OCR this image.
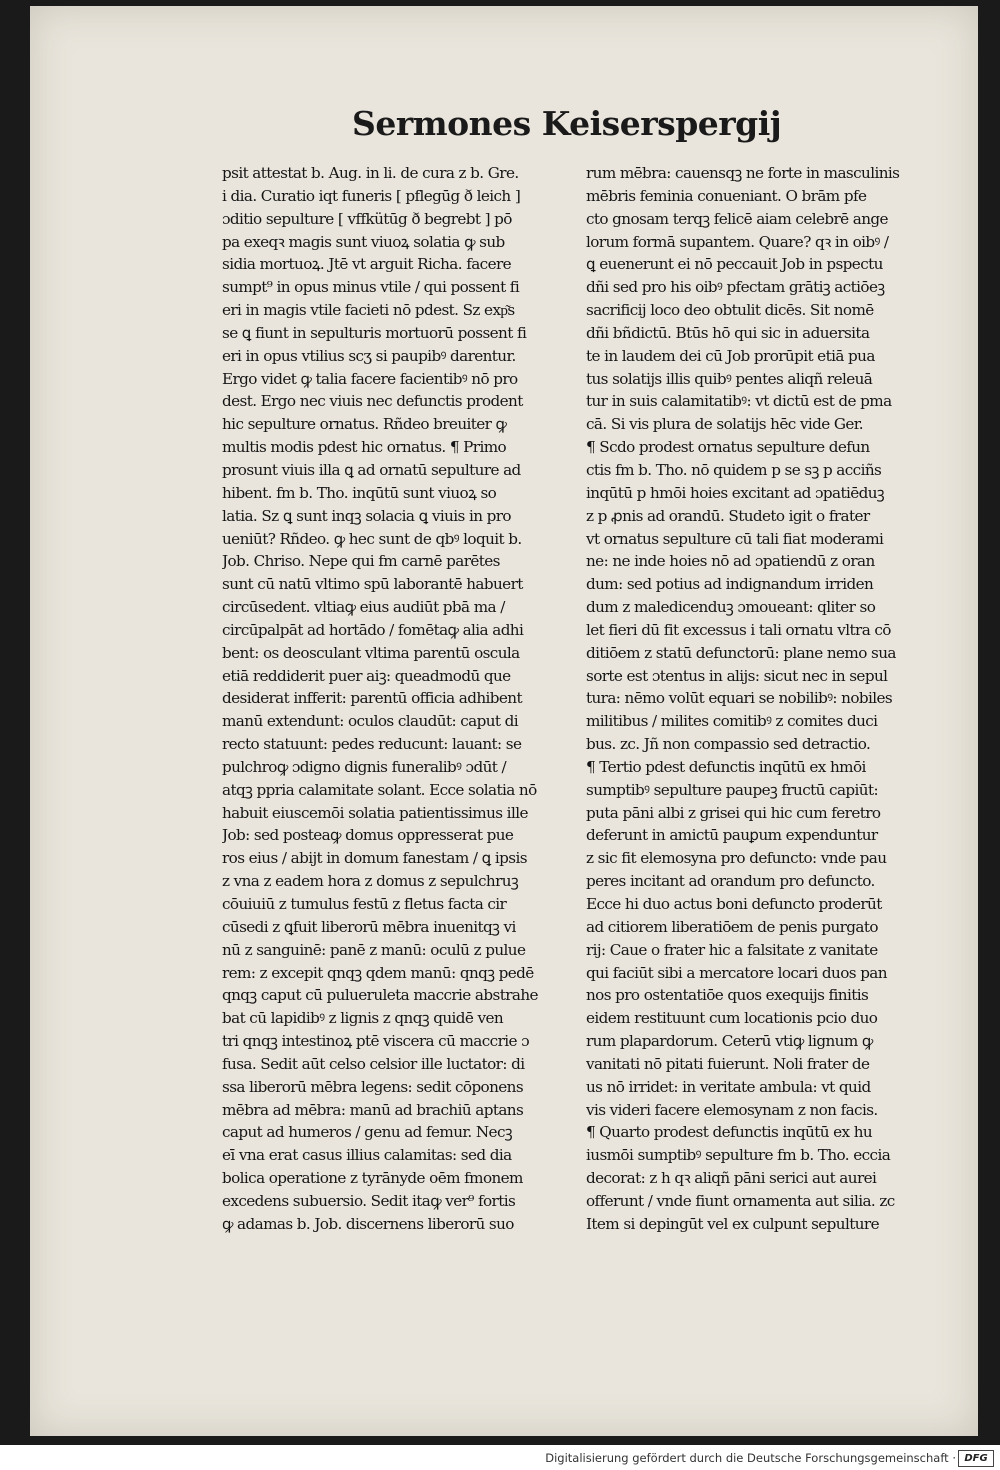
Sermones Keiserspergij
psit attestat b. Aug. in li. de cura z b. Gre.
i dia. Curatio iqt funeris [ pflegūg ð leich ]
ɔditio sepulture [ vffkütūg ð begrebt ] pō
pa exeqꝛ magis sunt viuoꝝ solatia ꝙ sub
sidia mortuoꝝ. Jtē vt arguit Richa. facere
sumpt⁹ in opus minus vtile / qui possent fi
eri in magis vtile facieti nō pdest. Sz exp͂s
se ꝗ fiunt in sepulturis mortuorū possent fi
eri in opus vtilius scʒ si paupibꝰ darentur.
Ergo videt ꝙ talia facere facientibꝰ nō pro
dest. Ergo nec viuis nec defunctis prodent
hic sepulture ornatus. Rñdeo breuiter ꝙ
multis modis pdest hic ornatus. ¶ Primo
prosunt viuis illa ꝗ ad ornatū sepulture ad
hibent. fm b. Tho. inqūtū sunt viuoꝝ so
latia. Sz ꝗ sunt inqꝫ solacia ꝗ viuis in pro
ueniūt? Rñdeo. ꝙ hec sunt de qbꝰ loquit b.
Job. Chriso. Nepe qui fm carnē parētes
sunt cū natū vltimo spū laborantē habuert
circūsedent. vltiaꝙ eius audiūt pbā ma /
circūpalpāt ad hortādo / fomētaꝙ alia adhi
bent: os deosculant vltima parentū oscula
etiā reddiderit puer aiꝫ: queadmodū que
desiderat infferit: parentū officia adhibent
manū extendunt: oculos claudūt: caput di
recto statuunt: pedes reducunt: lauant: se
pulchroꝙ ɔdigno dignis funeralibꝰ ɔdūt /
atqꝫ ppria calamitate solant. Ecce solatia nō
habuit eiuscemōi solatia patientissimus ille
Job: sed posteaꝙ domus oppresserat pue
ros eius / abijt in domum fanestam / ꝗ ipsis
z vna z eadem hora z domus z sepulchruꝫ
cōuiuiū z tumulus festū z fletus facta cir
cūsedi z ꝗfuit liberorū mēbra inuenitqꝫ vi
nū z sanguinē: panē z manū: oculū z pulue
rem: z excepit qnqꝫ qdem manū: qnqꝫ pedē
qnqꝫ caput cū pulueruleta maccrie abstrahe
bat cū lapidibꝰ z lignis z qnqꝫ quidē ven
tri qnqꝫ intestinoꝝ ptē viscera cū maccrie ɔ
fusa. Sedit aūt celso celsior ille luctator: di
ssa liberorū mēbra legens: sedit cōponens
mēbra ad mēbra: manū ad brachiū aptans
caput ad humeros / genu ad femur. Necꝫ
eī vna erat casus illius calamitas: sed dia
bolica operatione z tyrānyde oēm fmonem
excedens subuersio. Sedit itaꝙ ver⁹ fortis
ꝙ adamas b. Job. discernens liberorū suo
rum mēbra: cauensqꝫ ne forte in masculinis
mēbris feminia conueniant. O brām pfe
cto gnosam terqꝫ felicē aiam celebrē ange
lorum formā supantem. Quare? qꝛ in oibꝰ /
ꝗ euenerunt ei nō peccauit Job in pspectu
dñi sed pro his oibꝰ pfectam grātiꝫ actiōeꝫ
sacrificij loco deo obtulit dicēs. Sit nomē
dñi bñdictū. Btūs hō qui sic in aduersita
te in laudem dei cū Job prorūpit etiā pua
tus solatijs illis quibꝰ pentes aliqñ releuā
tur in suis calamitatibꝰ: vt dictū est de pma
cā. Si vis plura de solatijs hēc vide Ger.
¶ Scdo prodest ornatus sepulture defun
ctis fm b. Tho. nō quidem p se sꝫ p acciñs
inqūtū p hmōi hoies excitant ad ɔpatiēduꝫ
z p ꝓnis ad orandū. Studeto igit o frater
vt ornatus sepulture cū tali fiat moderami
ne: ne inde hoies nō ad ɔpatiendū z oran
dum: sed potius ad indignandum irriden
dum z maledicenduꝫ ɔmoueant: qliter so
let fieri dū fit excessus i tali ornatu vltra cō
ditiōem z statū defunctorū: plane nemo sua
sorte est ɔtentus in alijs: sicut nec in sepul
tura: nēmo volūt equari se nobilibꝰ: nobiles
militibus / milites comitibꝰ z comites duci
bus. zc. Jñ non compassio sed detractio.
¶ Tertio pdest defunctis inqūtū ex hmōi
sumptibꝰ sepulture paupeꝫ fructū capiūt:
puta pāni albi z grisei qui hic cum feretro
deferunt in amictū pauꝑum expenduntur
z sic fit elemosyna pro defuncto: vnde pau
peres incitant ad orandum pro defuncto.
Ecce hi duo actus boni defuncto proderūt
ad citiorem liberatiōem de penis purgato
rij: Caue o frater hic a falsitate z vanitate
qui faciūt sibi a mercatore locari duos pan
nos pro ostentatiōe quos exequijs finitis
eidem restituunt cum locationis pcio duo
rum plapardorum. Ceterū vtiꝙ lignum ꝙ
vanitati nō pitati fuierunt. Noli frater de
us nō irridet: in veritate ambula: vt quid
vis videri facere elemosynam z non facis.
¶ Quarto prodest defunctis inqūtū ex hu
iusmōi sumptibꝰ sepulture fm b. Tho. eccia
decorat: z h qꝛ aliqñ pāni serici aut aurei
offerunt / vnde fiunt ornamenta aut silia. zc
Item si depingūt vel ex culpunt sepulture
Digitalisierung gefördert durch die Deutsche Forschungsgemeinschaft · DFG
